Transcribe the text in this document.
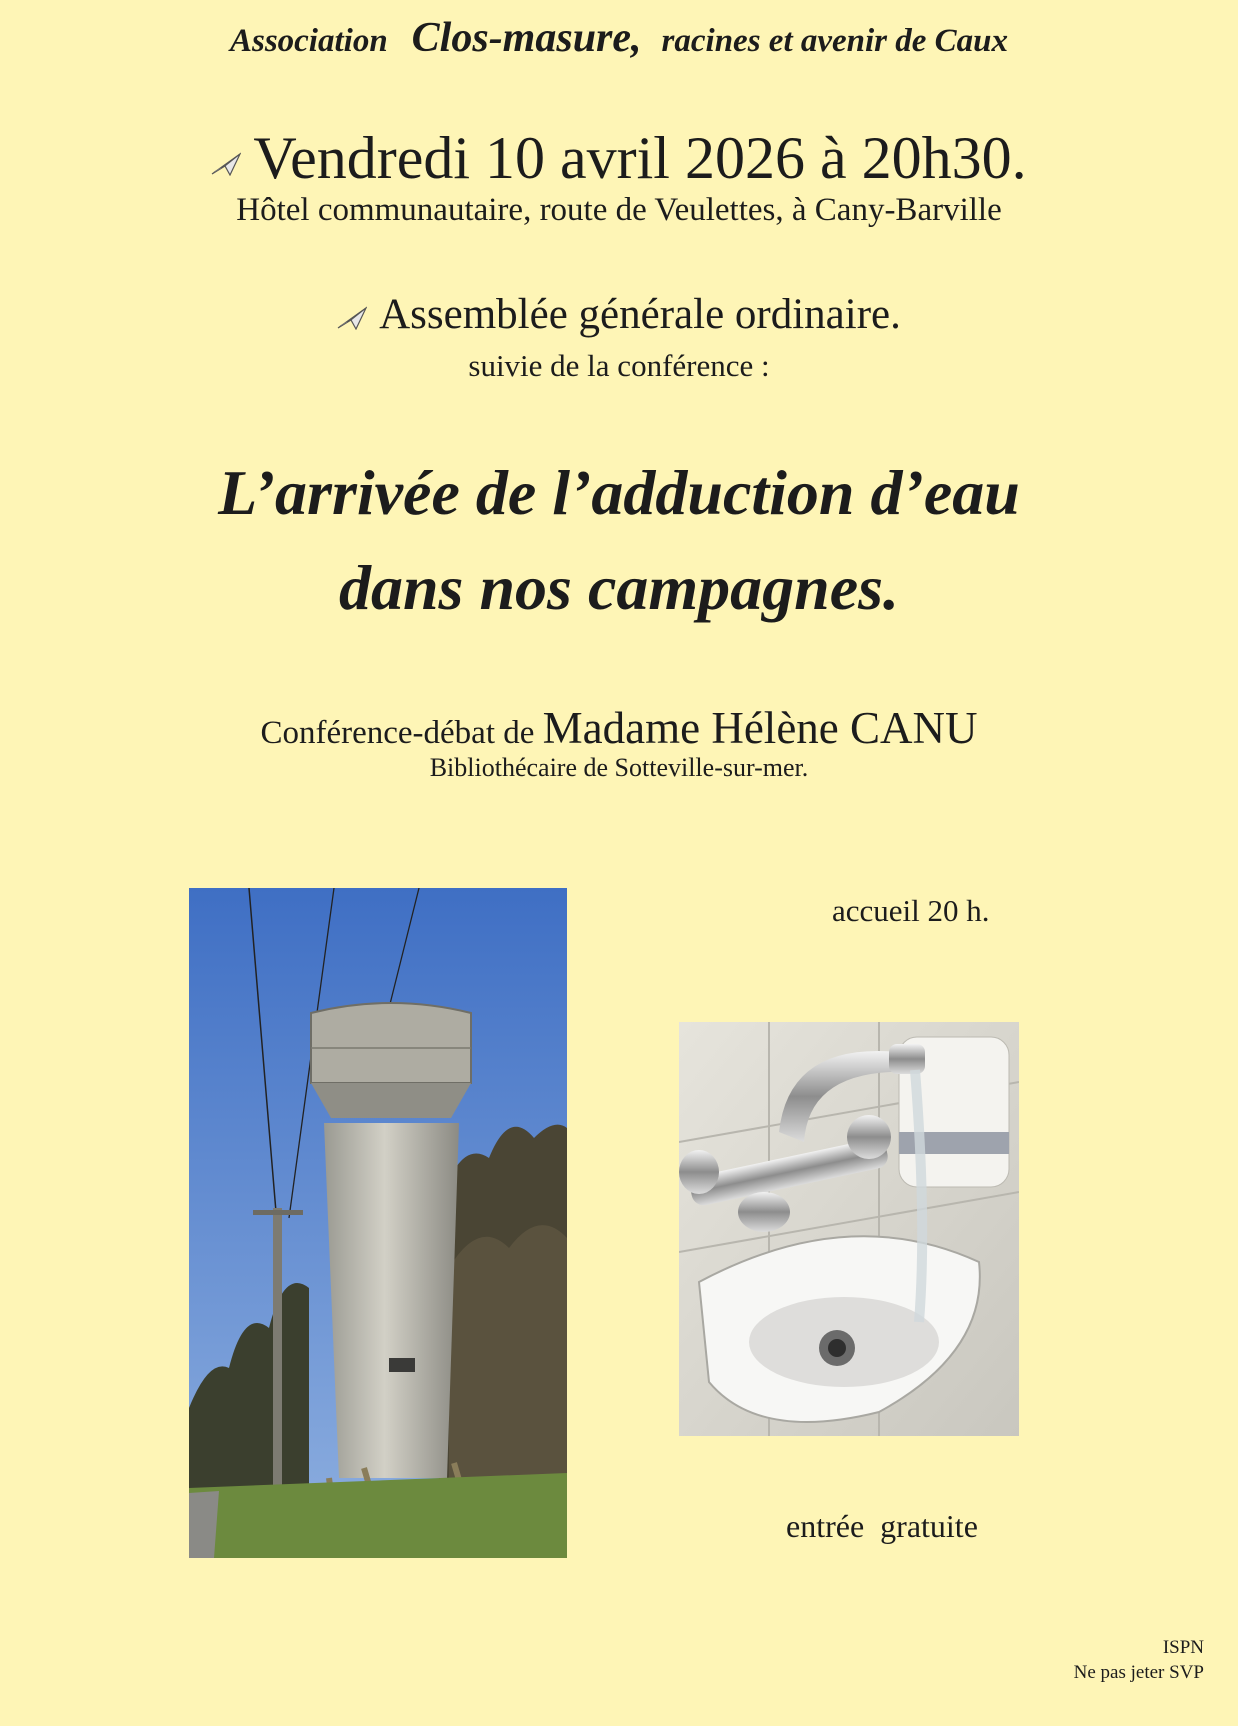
Association Clos-masure, racines et avenir de Caux
Vendredi 10 avril 2026 à 20h30.
Hôtel communautaire, route de Veulettes, à Cany-Barville
Assemblée générale ordinaire.
suivie de la conférence :
L’arrivée de l’adduction d’eau
dans nos campagnes.
Conférence-débat de Madame Hélène CANU
Bibliothécaire de Sotteville-sur-mer.
accueil 20 h.
entrée  gratuite
ISPN
Ne pas jeter SVP
